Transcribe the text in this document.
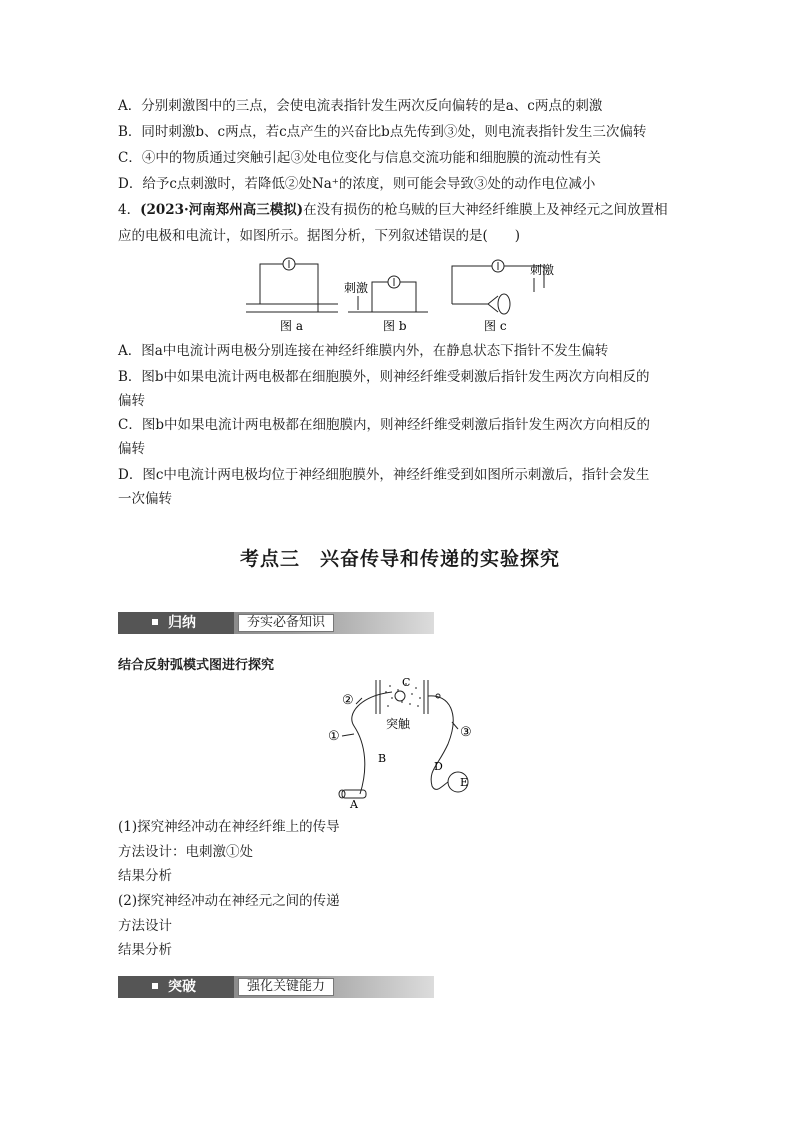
A．分别刺激图中的三点，会使电流表指针发生两次反向偏转的是a、c两点的刺激
B．同时刺激b、c两点，若c点产生的兴奋比b点先传到③处，则电流表指针发生三次偏转
C．④中的物质通过突触引起③处电位变化与信息交流功能和细胞膜的流动性有关
D．给予c点刺激时，若降低②处Na⁺的浓度，则可能会导致③处的动作电位减小
4．(2023·河南郑州高三模拟)在没有损伤的枪乌贼的巨大神经纤维膜上及神经元之间放置相
应的电极和电流计，如图所示。据图分析，下列叙述错误的是(　　)
刺激
刺激
图 a	图 b	图 c
A．图a中电流计两电极分别连接在神经纤维膜内外，在静息状态下指针不发生偏转
B．图b中如果电流计两电极都在细胞膜外，则神经纤维受刺激后指针发生两次方向相反的
偏转
C．图b中如果电流计两电极都在细胞膜内，则神经纤维受刺激后指针发生两次方向相反的
偏转
D．图c中电流计两电极均位于神经细胞膜外，神经纤维受到如图所示刺激后，指针会发生
一次偏转
考点三　兴奋传导和传递的实验探究
归纳	夯实必备知识
结合反射弧模式图进行探究
②
①	③
A
B
C
D
E
突触
(1)探究神经冲动在神经纤维上的传导
方法设计：电刺激①处
结果分析
(2)探究神经冲动在神经元之间的传递
方法设计
结果分析
突破	强化关键能力
